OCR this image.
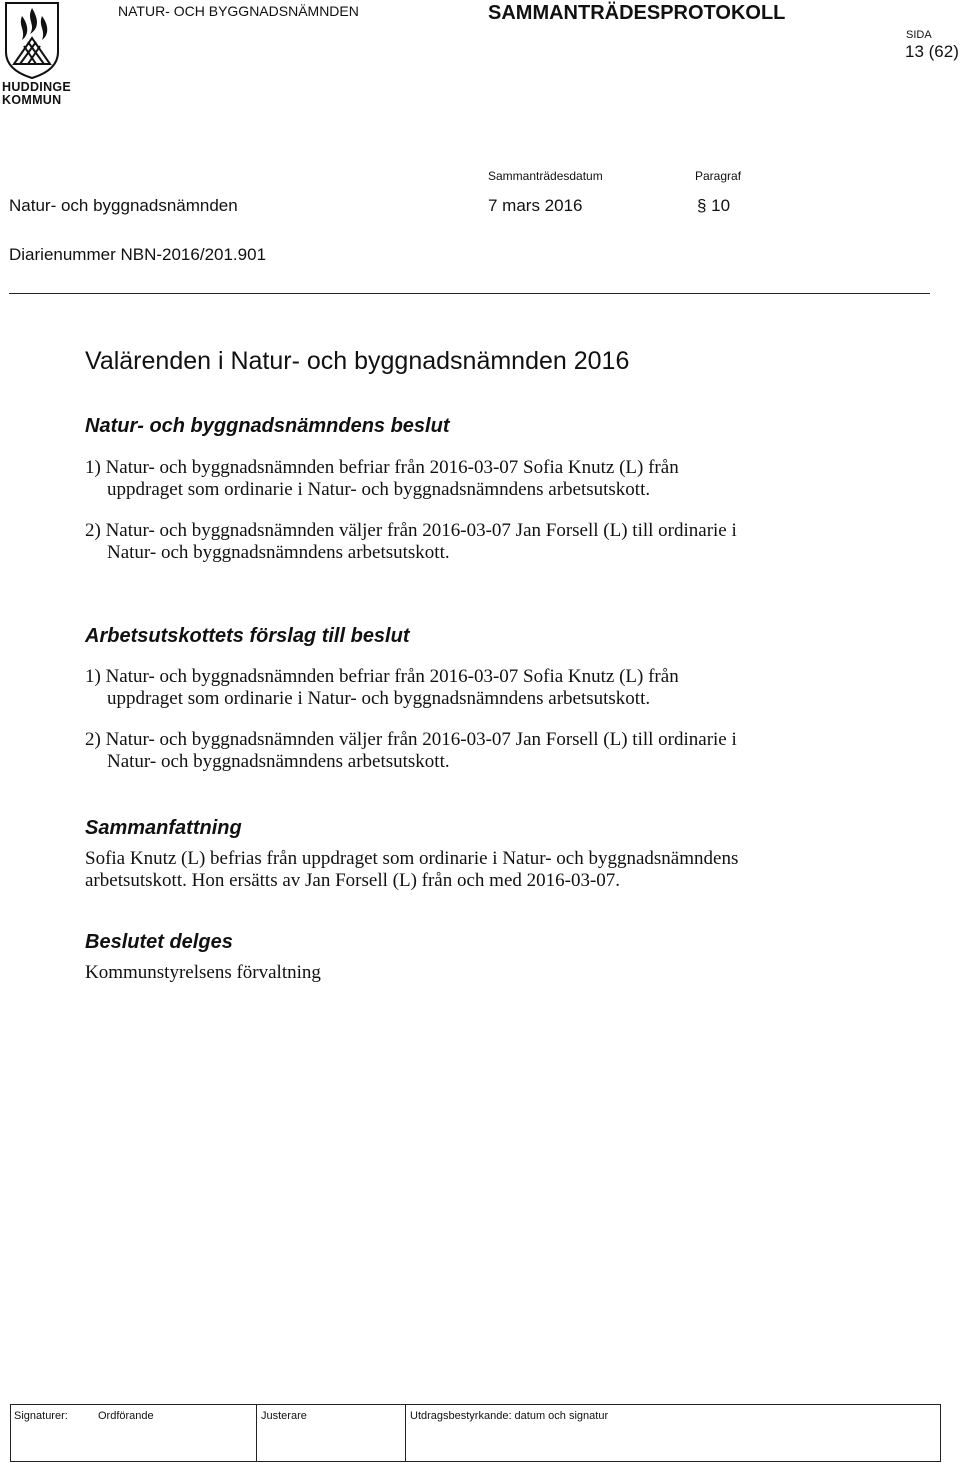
HUDDINGE
KOMMUN
NATUR- OCH BYGGNADSNÄMNDEN	SAMMANTRÄDESPROTOKOLL
SIDA
13 (62)
Sammanträdesdatum	Paragraf
Natur- och byggnadsnämnden	7 mars 2016	§ 10
Diarienummer NBN-2016/201.901
Valärenden i Natur- och byggnadsnämnden 2016
Natur- och byggnadsnämndens beslut
1) Natur- och byggnadsnämnden befriar från 2016-03-07 Sofia Knutz (L) från
uppdraget som ordinarie i Natur- och byggnadsnämndens arbetsutskott.
2) Natur- och byggnadsnämnden väljer från 2016-03-07 Jan Forsell (L) till ordinarie i
Natur- och byggnadsnämndens arbetsutskott.
Arbetsutskottets förslag till beslut
1) Natur- och byggnadsnämnden befriar från 2016-03-07 Sofia Knutz (L) från
uppdraget som ordinarie i Natur- och byggnadsnämndens arbetsutskott.
2) Natur- och byggnadsnämnden väljer från 2016-03-07 Jan Forsell (L) till ordinarie i
Natur- och byggnadsnämndens arbetsutskott.
Sammanfattning
Sofia Knutz (L) befrias från uppdraget som ordinarie i Natur- och byggnadsnämndens
arbetsutskott. Hon ersätts av Jan Forsell (L) från och med 2016-03-07.
Beslutet delges
Kommunstyrelsens förvaltning
Signaturer:	Ordförande	Justerare	Utdragsbestyrkande: datum och signatur
